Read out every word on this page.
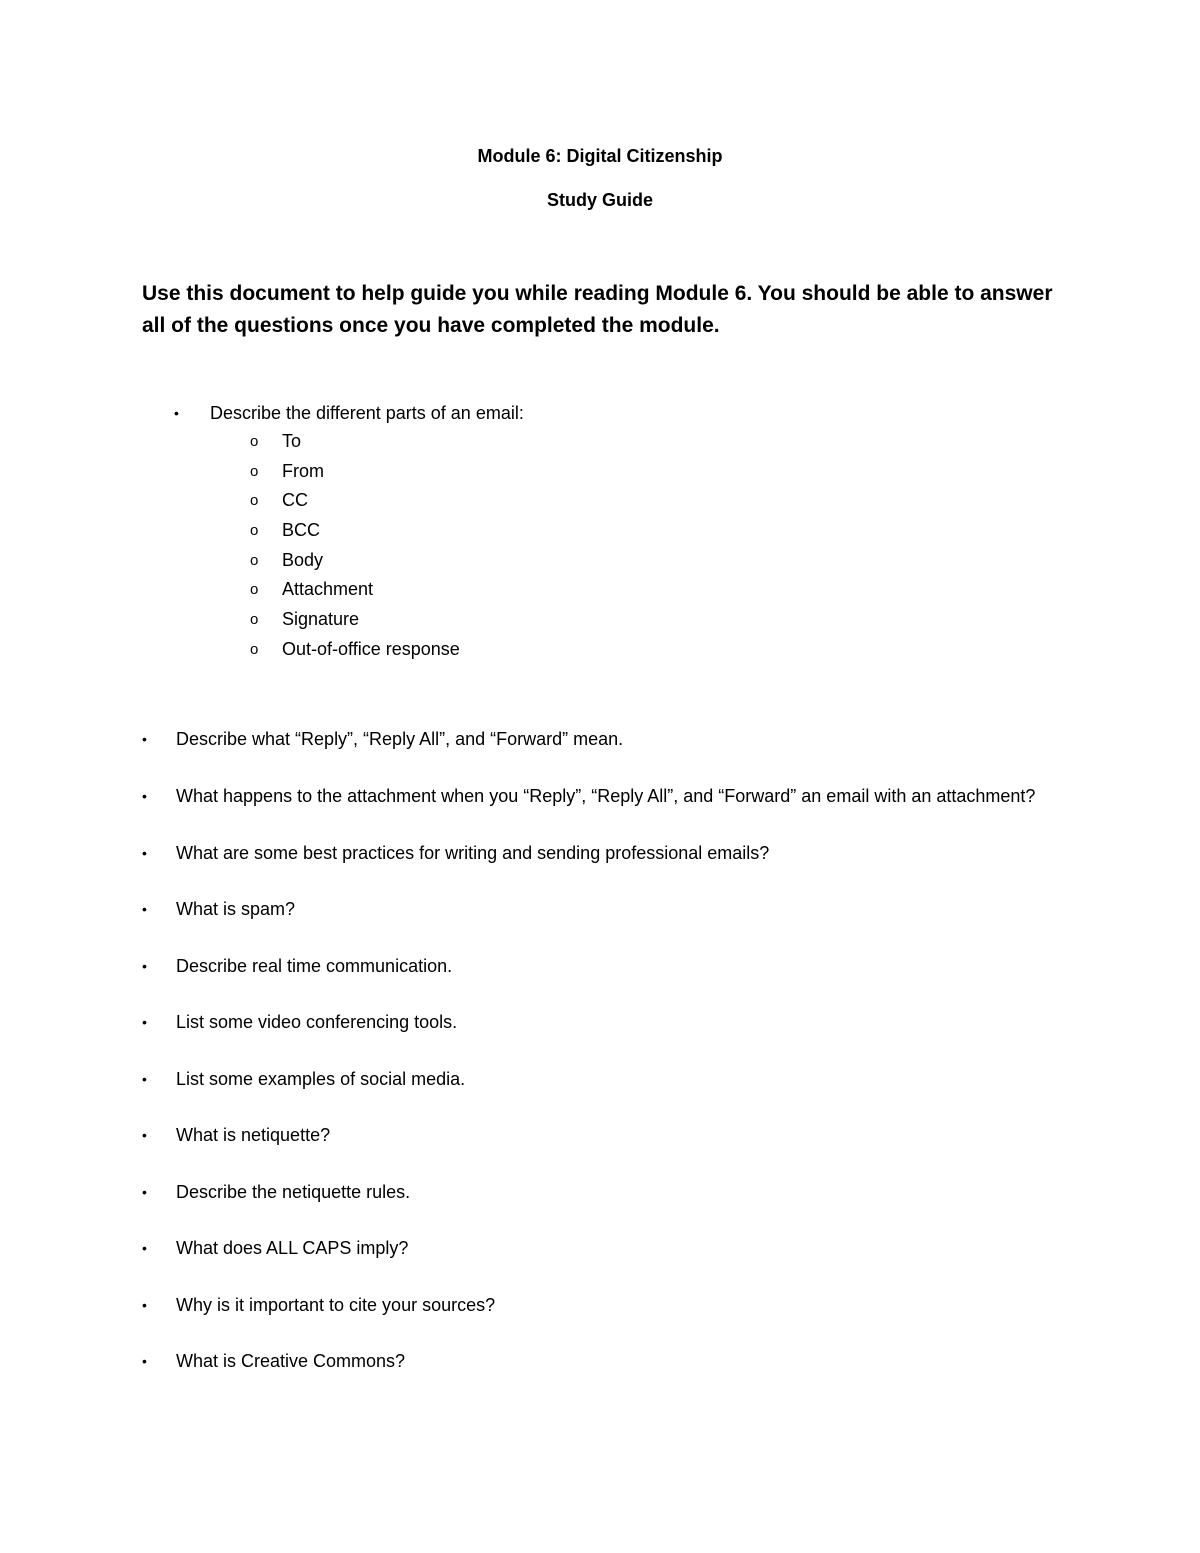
Module 6: Digital Citizenship

Study Guide

Use this document to help guide you while reading Module 6. You should be able to answer all of the questions once you have completed the module.

• Describe the different parts of an email:
o To
o From
o CC
o BCC
o Body
o Attachment
o Signature
o Out-of-office response
• Describe what “Reply”, “Reply All”, and “Forward” mean.
• What happens to the attachment when you “Reply”, “Reply All”, and “Forward” an email with an attachment?
• What are some best practices for writing and sending professional emails?
• What is spam?
• Describe real time communication.
• List some video conferencing tools.
• List some examples of social media.
• What is netiquette?
• Describe the netiquette rules.
• What does ALL CAPS imply?
• Why is it important to cite your sources?
• What is Creative Commons?
